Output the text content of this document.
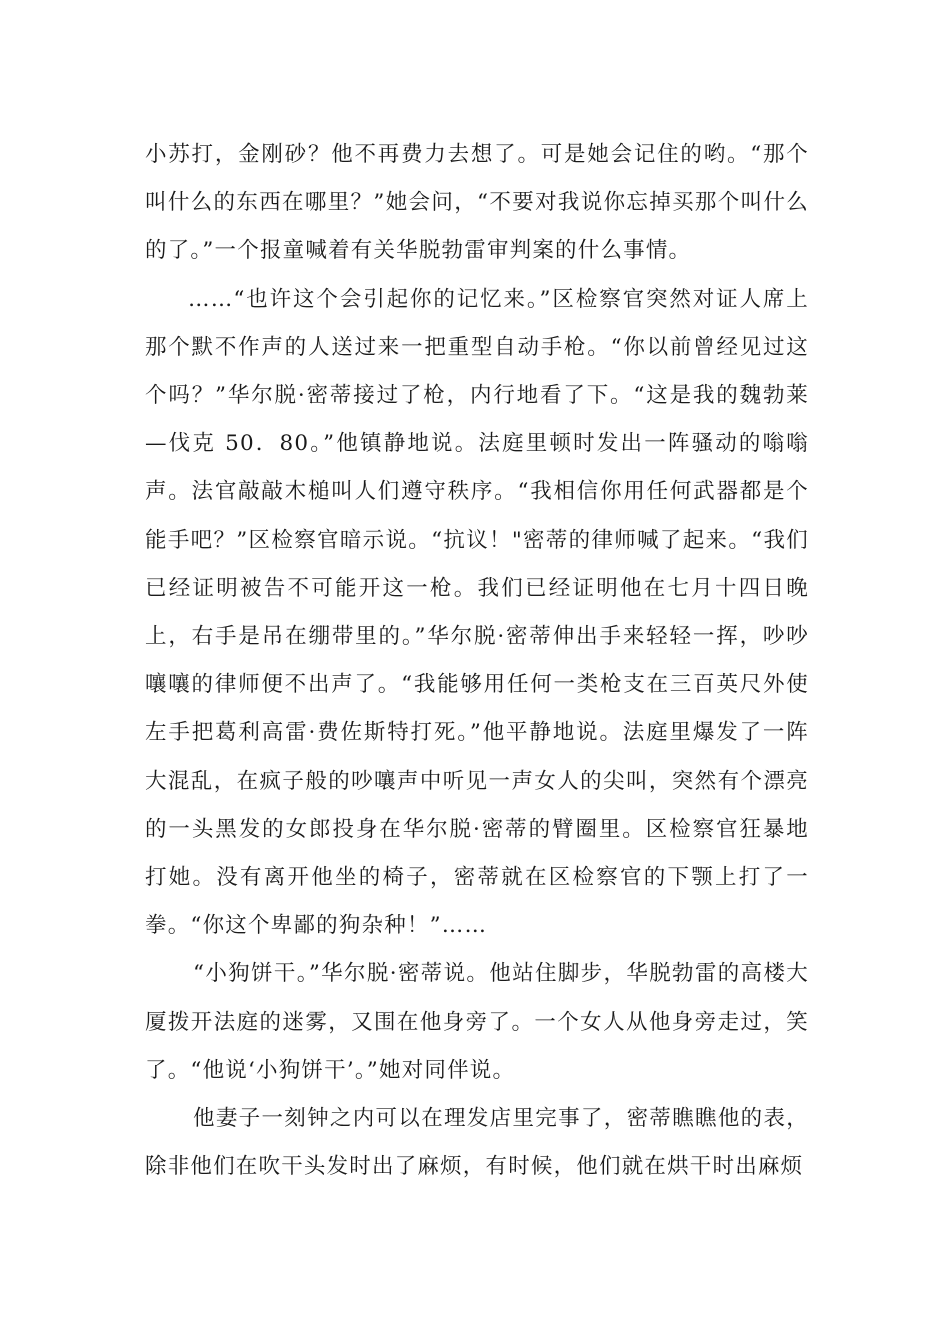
小苏打，金刚砂？他不再费力去想了。可是她会记住的哟。“那个叫什么的东西在哪里？”她会问，“不要对我说你忘掉买那个叫什么的了。”一个报童喊着有关华脱勃雷审判案的什么事情。

……“也许这个会引起你的记忆来。”区检察官突然对证人席上那个默不作声的人送过来一把重型自动手枪。“你以前曾经见过这个吗？”华尔脱·密蒂接过了枪，内行地看了下。“这是我的魏勃莱—伐克 50．80。”他镇静地说。法庭里顿时发出一阵骚动的嗡嗡声。法官敲敲木槌叫人们遵守秩序。“我相信你用任何武器都是个能手吧？”区检察官暗示说。“抗议！"密蒂的律师喊了起来。“我们已经证明被告不可能开这一枪。我们已经证明他在七月十四日晚上，右手是吊在绷带里的。”华尔脱·密蒂伸出手来轻轻一挥，吵吵嚷嚷的律师便不出声了。“我能够用任何一类枪支在三百英尺外使左手把葛利高雷·费佐斯特打死。”他平静地说。法庭里爆发了一阵大混乱，在疯子般的吵嚷声中听见一声女人的尖叫，突然有个漂亮的一头黑发的女郎投身在华尔脱·密蒂的臂圈里。区检察官狂暴地打她。没有离开他坐的椅子，密蒂就在区检察官的下颚上打了一拳。“你这个卑鄙的狗杂种！”……

“小狗饼干。”华尔脱·密蒂说。他站住脚步，华脱勃雷的高楼大厦拨开法庭的迷雾，又围在他身旁了。一个女人从他身旁走过，笑了。“他说‘小狗饼干’。”她对同伴说。

他妻子一刻钟之内可以在理发店里完事了，密蒂瞧瞧他的表，除非他们在吹干头发时出了麻烦，有时候，他们就在烘干时出麻烦
